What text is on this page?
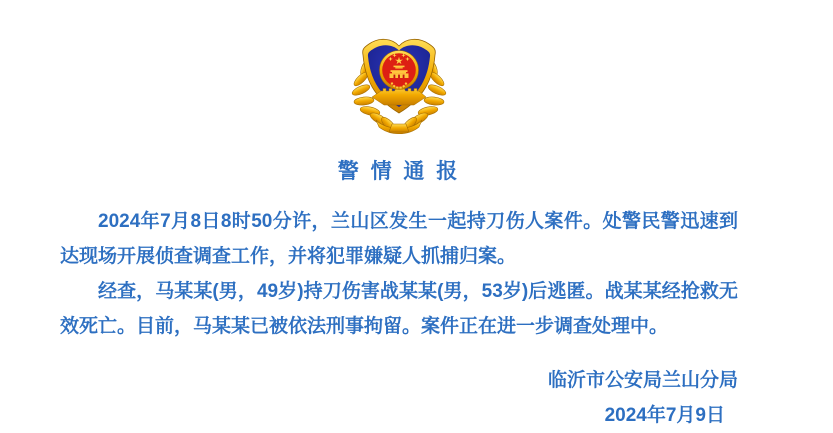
警 情 通 报

2024年7月8日8时50分许，兰山区发生一起持刀伤人案件。处警民警迅速到达现场开展侦查调查工作，并将犯罪嫌疑人抓捕归案。

经查，马某某(男，49岁)持刀伤害战某某(男，53岁)后逃匿。战某某经抢救无效死亡。目前，马某某已被依法刑事拘留。案件正在进一步调查处理中。

临沂市公安局兰山分局
2024年7月9日
